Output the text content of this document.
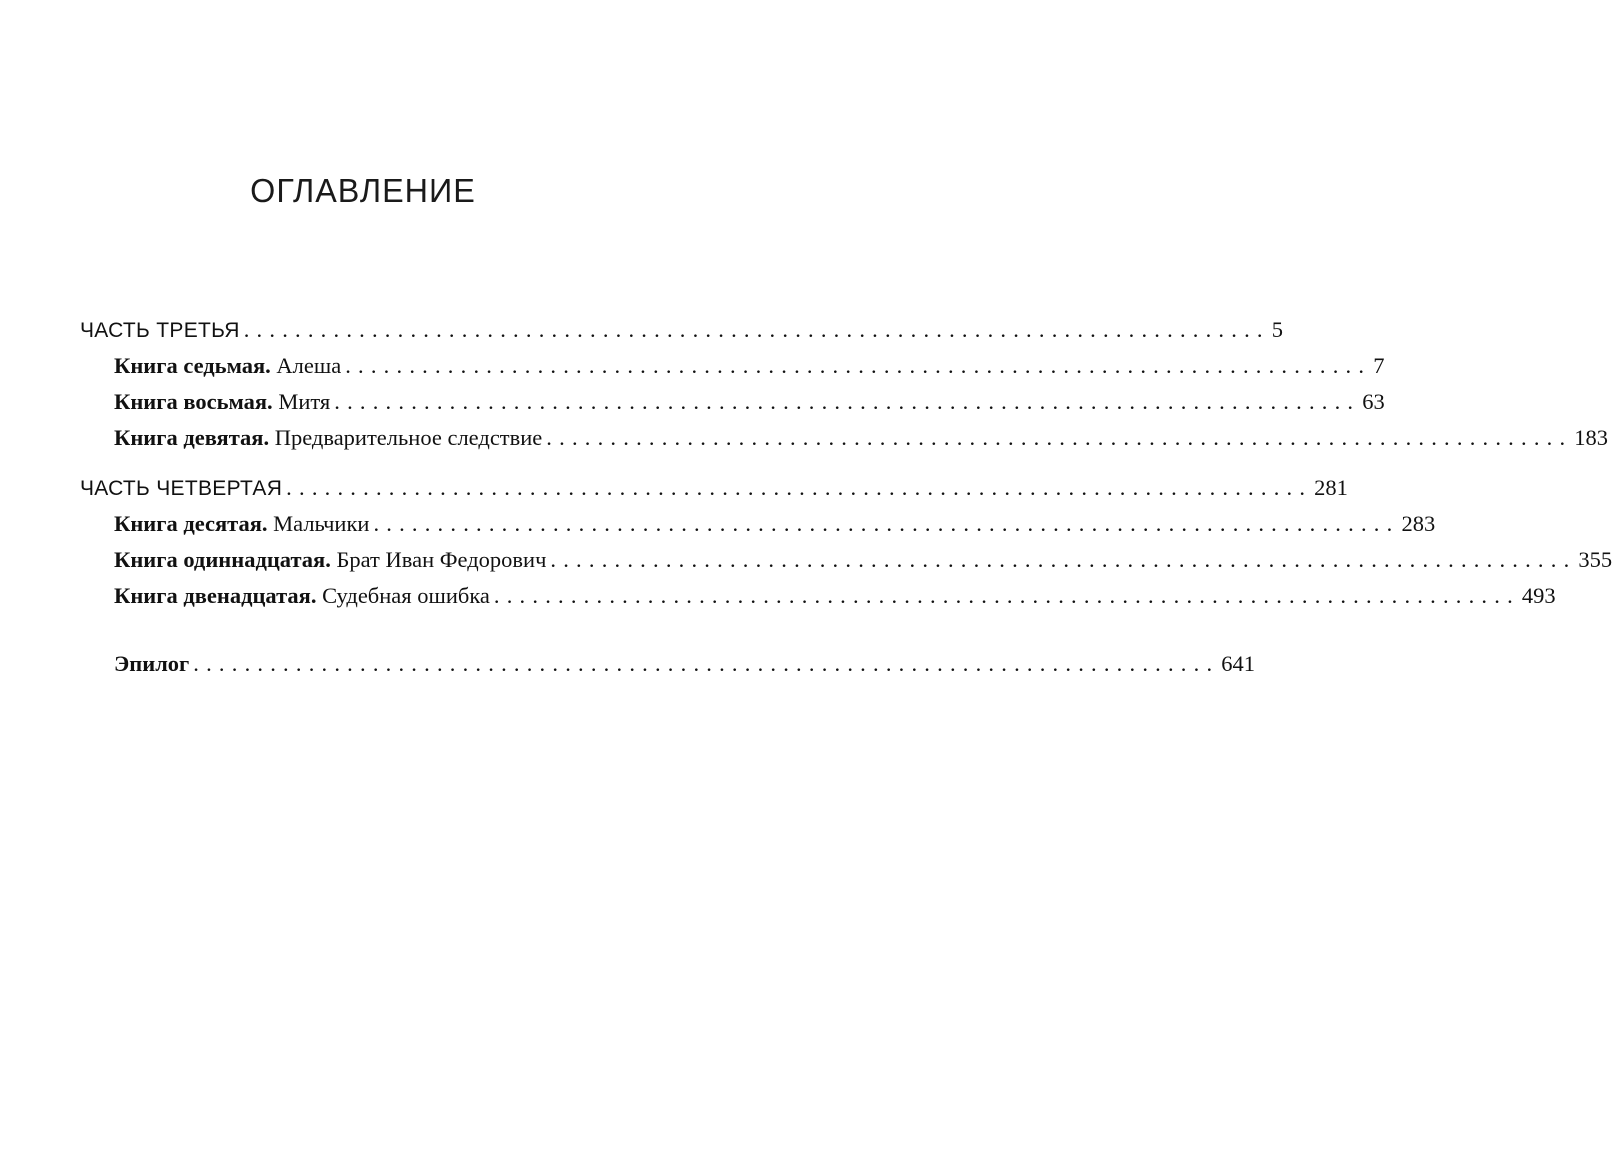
ОГЛАВЛЕНИЕ
ЧАСТЬ ТРЕТЬЯ ................................................................................ 5
Книга седьмая. Алеша ................................................................................ 7
Книга восьмая. Митя ................................................................................ 63
Книга девятая. Предварительное следствие ................................................................................ 183
ЧАСТЬ ЧЕТВЕРТАЯ ................................................................................ 281
Книга десятая. Мальчики ................................................................................ 283
Книга одиннадцатая. Брат Иван Федорович ................................................................................ 355
Книга двенадцатая. Судебная ошибка ................................................................................ 493
Эпилог ................................................................................ 641
